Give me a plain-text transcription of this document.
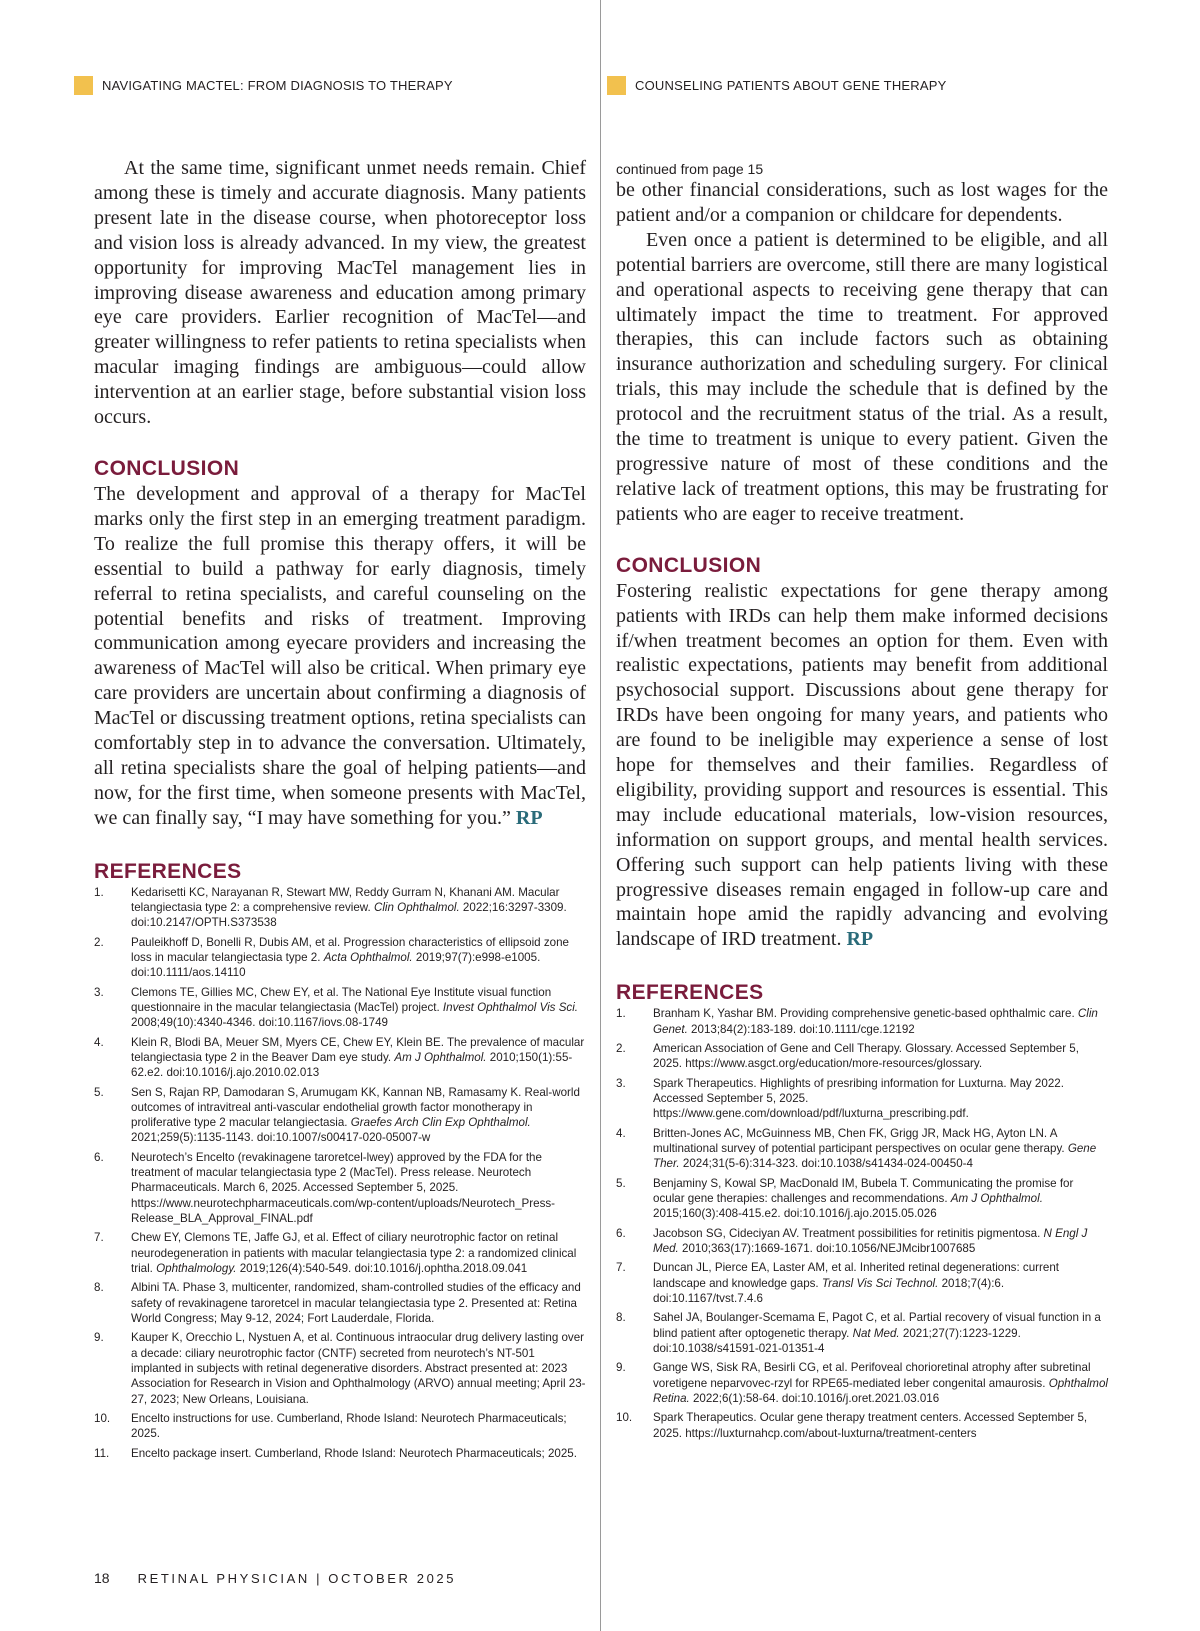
NAVIGATING MACTEL: FROM DIAGNOSIS TO THERAPY	COUNSELING PATIENTS ABOUT GENE THERAPY

At the same time, significant unmet needs remain. Chief among these is timely and accurate diagnosis. Many patients present late in the disease course, when photoreceptor loss and vision loss is already advanced. In my view, the greatest opportunity for improving MacTel management lies in improving disease awareness and education among primary eye care providers. Earlier recognition of MacTel—and greater willingness to refer patients to retina specialists when macular imaging findings are ambiguous—could allow intervention at an earlier stage, before substantial vision loss occurs.

CONCLUSION

The development and approval of a therapy for MacTel marks only the first step in an emerging treatment paradigm. To realize the full promise this therapy offers, it will be essential to build a pathway for early diagnosis, timely referral to retina specialists, and careful counseling on the potential benefits and risks of treatment. Improving communication among eyecare providers and increasing the awareness of MacTel will also be critical. When primary eye care providers are uncertain about confirming a diagnosis of MacTel or discussing treatment options, retina specialists can comfortably step in to advance the conversation. Ultimately, all retina specialists share the goal of helping patients—and now, for the first time, when someone presents with MacTel, we can finally say, “I may have something for you.” RP

REFERENCES
1.	Kedarisetti KC, Narayanan R, Stewart MW, Reddy Gurram N, Khanani AM. Macular telangiectasia type 2: a comprehensive review. Clin Ophthalmol. 2022;16:3297-3309. doi:10.2147/OPTH.S373538
2.	Pauleikhoff D, Bonelli R, Dubis AM, et al. Progression characteristics of ellipsoid zone loss in macular telangiectasia type 2. Acta Ophthalmol. 2019;97(7):e998-e1005. doi:10.1111/aos.14110
3.	Clemons TE, Gillies MC, Chew EY, et al. The National Eye Institute visual function questionnaire in the macular telangiectasia (MacTel) project. Invest Ophthalmol Vis Sci. 2008;49(10):4340-4346. doi:10.1167/iovs.08-1749
4.	Klein R, Blodi BA, Meuer SM, Myers CE, Chew EY, Klein BE. The prevalence of macular telangiectasia type 2 in the Beaver Dam eye study. Am J Ophthalmol. 2010;150(1):55-62.e2. doi:10.1016/j.ajo.2010.02.013
5.	Sen S, Rajan RP, Damodaran S, Arumugam KK, Kannan NB, Ramasamy K. Real-world outcomes of intravitreal anti-vascular endothelial growth factor monotherapy in proliferative type 2 macular telangiectasia. Graefes Arch Clin Exp Ophthalmol. 2021;259(5):1135-1143. doi:10.1007/s00417-020-05007-w
6.	Neurotech’s Encelto (revakinagene taroretcel-lwey) approved by the FDA for the treatment of macular telangiectasia type 2 (MacTel). Press release. Neurotech Pharmaceuticals. March 6, 2025. Accessed September 5, 2025. https://www.neurotechpharmaceuticals.com/wp-content/uploads/Neurotech_Press-Release_BLA_Approval_FINAL.pdf
7.	Chew EY, Clemons TE, Jaffe GJ, et al. Effect of ciliary neurotrophic factor on retinal neurodegeneration in patients with macular telangiectasia type 2: a randomized clinical trial. Ophthalmology. 2019;126(4):540-549. doi:10.1016/j.ophtha.2018.09.041
8.	Albini TA. Phase 3, multicenter, randomized, sham-controlled studies of the efficacy and safety of revakinagene taroretcel in macular telangiectasia type 2. Presented at: Retina World Congress; May 9-12, 2024; Fort Lauderdale, Florida.
9.	Kauper K, Orecchio L, Nystuen A, et al. Continuous intraocular drug delivery lasting over a decade: ciliary neurotrophic factor (CNTF) secreted from neurotech’s NT-501 implanted in subjects with retinal degenerative disorders. Abstract presented at: 2023 Association for Research in Vision and Ophthalmology (ARVO) annual meeting; April 23-27, 2023; New Orleans, Louisiana.
10.	Encelto instructions for use. Cumberland, Rhode Island: Neurotech Pharmaceuticals; 2025.
11.	Encelto package insert. Cumberland, Rhode Island: Neurotech Pharmaceuticals; 2025.
continued from page 15

be other financial considerations, such as lost wages for the patient and/or a companion or childcare for dependents.

Even once a patient is determined to be eligible, and all potential barriers are overcome, still there are many logistical and operational aspects to receiving gene therapy that can ultimately impact the time to treatment. For approved therapies, this can include factors such as obtaining insurance authorization and scheduling surgery. For clinical trials, this may include the schedule that is defined by the protocol and the recruitment status of the trial. As a result, the time to treatment is unique to every patient. Given the progressive nature of most of these conditions and the relative lack of treatment options, this may be frustrating for patients who are eager to receive treatment.

CONCLUSION

Fostering realistic expectations for gene therapy among patients with IRDs can help them make informed decisions if/when treatment becomes an option for them. Even with realistic expectations, patients may benefit from additional psychosocial support. Discussions about gene therapy for IRDs have been ongoing for many years, and patients who are found to be ineligible may experience a sense of lost hope for themselves and their families. Regardless of eligibility, providing support and resources is essential. This may include educational materials, low-vision resources, information on support groups, and mental health services. Offering such support can help patients living with these progressive diseases remain engaged in follow-up care and maintain hope amid the rapidly advancing and evolving landscape of IRD treatment. RP

REFERENCES
1.	Branham K, Yashar BM. Providing comprehensive genetic-based ophthalmic care. Clin Genet. 2013;84(2):183-189. doi:10.1111/cge.12192
2.	American Association of Gene and Cell Therapy. Glossary. Accessed September 5, 2025. https://www.asgct.org/education/more-resources/glossary.
3.	Spark Therapeutics. Highlights of presribing information for Luxturna. May 2022. Accessed September 5, 2025. https://www.gene.com/download/pdf/luxturna_prescribing.pdf.
4.	Britten-Jones AC, McGuinness MB, Chen FK, Grigg JR, Mack HG, Ayton LN. A multinational survey of potential participant perspectives on ocular gene therapy. Gene Ther. 2024;31(5-6):314-323. doi:10.1038/s41434-024-00450-4
5.	Benjaminy S, Kowal SP, MacDonald IM, Bubela T. Communicating the promise for ocular gene therapies: challenges and recommendations. Am J Ophthalmol. 2015;160(3):408-415.e2. doi:10.1016/j.ajo.2015.05.026
6.	Jacobson SG, Cideciyan AV. Treatment possibilities for retinitis pigmentosa. N Engl J Med. 2010;363(17):1669-1671. doi:10.1056/NEJMcibr1007685
7.	Duncan JL, Pierce EA, Laster AM, et al. Inherited retinal degenerations: current landscape and knowledge gaps. Transl Vis Sci Technol. 2018;7(4):6. doi:10.1167/tvst.7.4.6
8.	Sahel JA, Boulanger-Scemama E, Pagot C, et al. Partial recovery of visual function in a blind patient after optogenetic therapy. Nat Med. 2021;27(7):1223-1229. doi:10.1038/s41591-021-01351-4
9.	Gange WS, Sisk RA, Besirli CG, et al. Perifoveal chorioretinal atrophy after subretinal voretigene neparvovec-rzyl for RPE65-mediated leber congenital amaurosis. Ophthalmol Retina. 2022;6(1):58-64. doi:10.1016/j.oret.2021.03.016
10.	Spark Therapeutics. Ocular gene therapy treatment centers. Accessed September 5, 2025. https://luxturnahcp.com/about-luxturna/treatment-centers
18 RETINAL PHYSICIAN | OCTOBER 2025
